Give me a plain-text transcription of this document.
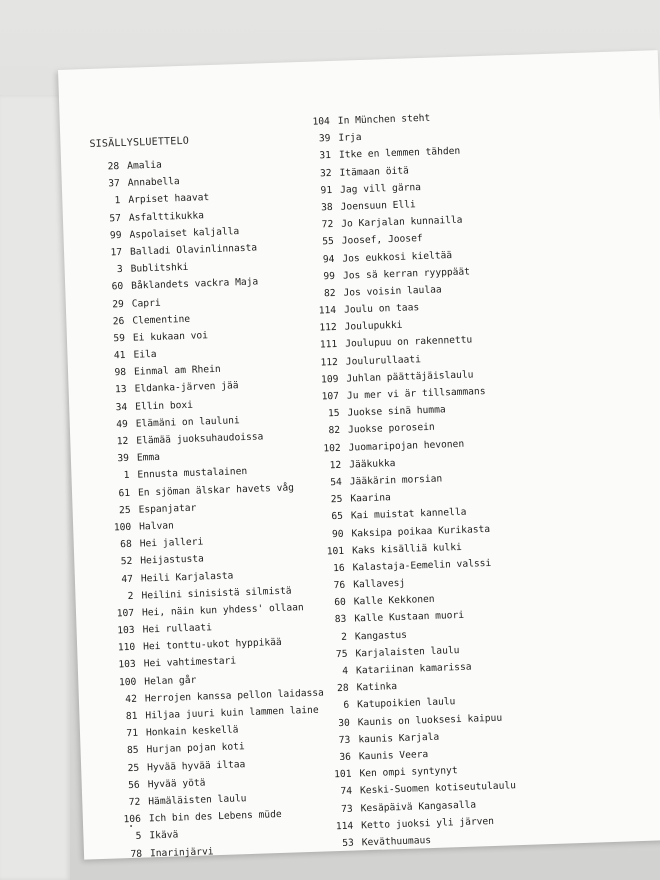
SISÄLLYSLUETTELO
28 Amalia
37 Annabella
1 Arpiset haavat
57 Asfalttikukka
99 Aspolaiset kaljalla
17 Balladi Olavinlinnasta
3 Bublitshki
60 Båklandets vackra Maja
29 Capri
26 Clementine
59 Ei kukaan voi
41 Eila
98 Einmal am Rhein
13 Eldanka-järven jää
34 Ellin boxi
49 Elämäni on lauluni
12 Elämää juoksuhaudoissa
39 Emma
1 Ennusta mustalainen
61 En sjöman älskar havets våg
25 Espanjatar
100 Halvan
68 Hei jalleri
52 Heijastusta
47 Heili Karjalasta
2 Heilini sinisistä silmistä
107 Hei, näin kun yhdess' ollaan
103 Hei rullaati
110 Hei tonttu-ukot hyppikää
103 Hei vahtimestari
100 Helan går
42 Herrojen kanssa pellon laidassa
81 Hiljaa juuri kuin lammen laine
71 Honkain keskellä
85 Hurjan pojan koti
25 Hyvää hyvää iltaa
56 Hyvää yötä
72 Hämäläisten laulu
106 Ich bin des Lebens müde
5 Ikävä
78 Inarinjärvi
104 In München steht
39 Irja
31 Itke en lemmen tähden
32 Itämaan öitä
91 Jag vill gärna
38 Joensuun Elli
72 Jo Karjalan kunnailla
55 Joosef, Joosef
94 Jos eukkosi kieltää
99 Jos sä kerran ryyppäät
82 Jos voisin laulaa
114 Joulu on taas
112 Joulupukki
111 Joulupuu on rakennettu
112 Joulurullaati
109 Juhlan päättäjäislaulu
107 Ju mer vi är tillsammans
15 Juokse sinä humma
82 Juokse porosein
102 Juomaripojan hevonen
12 Jääkukka
54 Jääkärin morsian
25 Kaarina
65 Kai muistat kannella
90 Kaksipa poikaa Kurikasta
101 Kaks kisälliä kulki
16 Kalastaja-Eemelin valssi
76 Kallavesj
60 Kalle Kekkonen
83 Kalle Kustaan muori
2 Kangastus
75 Karjalaisten laulu
4 Katariinan kamarissa
28 Katinka
6 Katupoikien laulu
30 Kaunis on luoksesi kaipuu
73 kaunis Karjala
36 Kaunis Veera
101 Ken ompi syntynyt
74 Keski-Suomen kotiseutulaulu
73 Kesäpäivä Kangasalla
114 Ketto juoksi yli järven
53 Keväthuumaus
